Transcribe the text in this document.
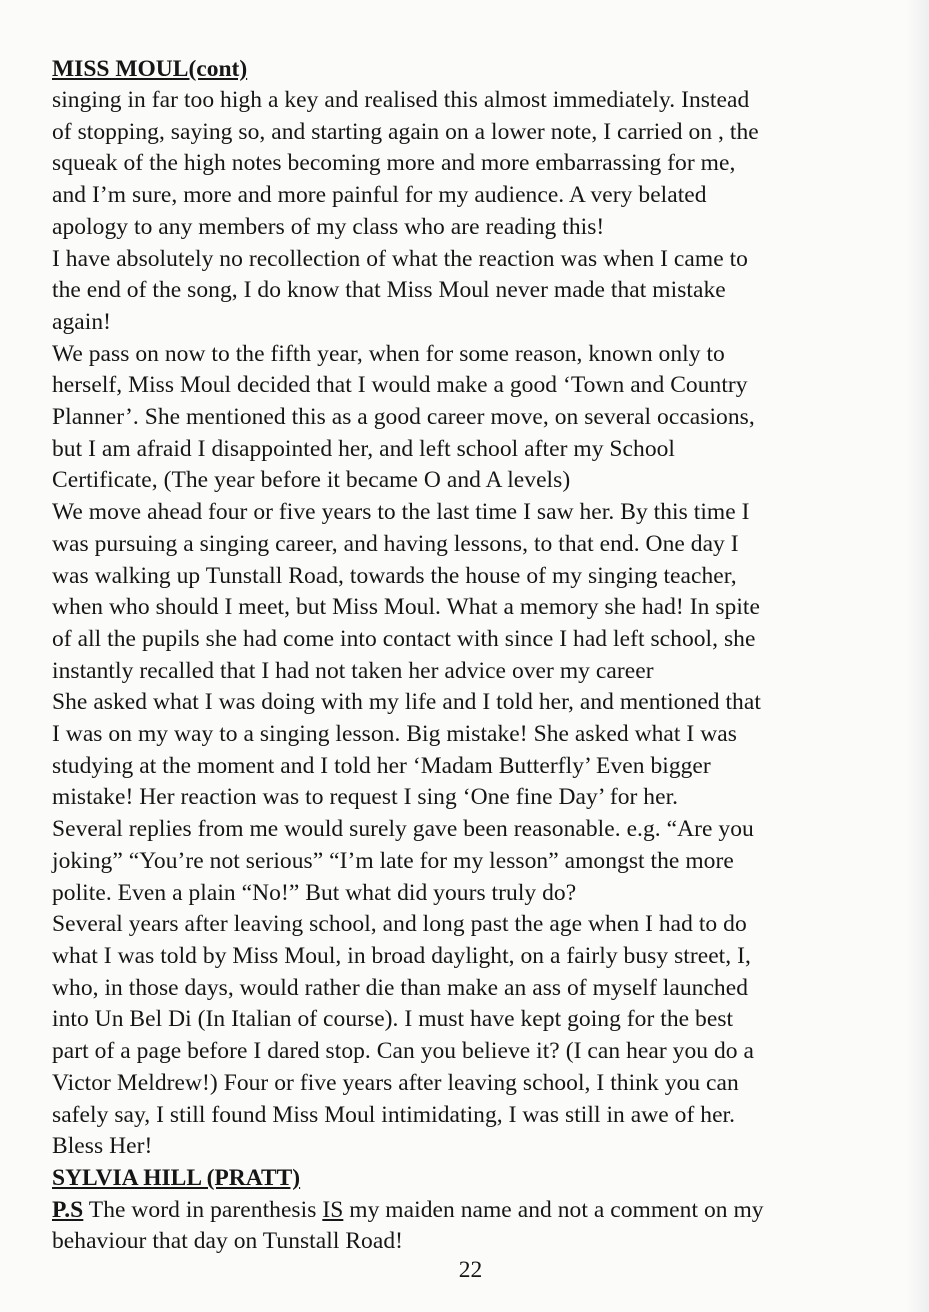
MISS MOUL(cont)

singing in far too high a key and realised this almost immediately. Instead
of stopping, saying so, and starting again on a lower note, I carried on , the
squeak of the high notes becoming more and more embarrassing for me,
and I’m sure, more and more painful for my audience. A very belated
apology to any members of my class who are reading this!

I have absolutely no recollection of what the reaction was when I came to
the end of the song, I do know that Miss Moul never made that mistake
again!

We pass on now to the fifth year, when for some reason, known only to
herself, Miss Moul decided that I would make a good ‘Town and Country
Planner’. She mentioned this as a good career move, on several occasions,
but I am afraid I disappointed her, and left school after my School
Certificate, (The year before it became O and A levels)

We move ahead four or five years to the last time I saw her. By this time I
was pursuing a singing career, and having lessons, to that end. One day I
was walking up Tunstall Road, towards the house of my singing teacher,
when who should I meet, but Miss Moul. What a memory she had! In spite
of all the pupils she had come into contact with since I had left school, she
instantly recalled that I had not taken her advice over my career

She asked what I was doing with my life and I told her, and mentioned that
I was on my way to a singing lesson. Big mistake! She asked what I was
studying at the moment and I told her ‘Madam Butterfly’ Even bigger
mistake! Her reaction was to request I sing ‘One fine Day’ for her.

Several replies from me would surely gave been reasonable. e.g. “Are you
joking” “You’re not serious” “I’m late for my lesson” amongst the more
polite. Even a plain “No!” But what did yours truly do?

Several years after leaving school, and long past the age when I had to do
what I was told by Miss Moul, in broad daylight, on a fairly busy street, I,
who, in those days, would rather die than make an ass of myself launched
into Un Bel Di (In Italian of course). I must have kept going for the best
part of a page before I dared stop. Can you believe it? (I can hear you do a
Victor Meldrew!) Four or five years after leaving school, I think you can
safely say, I still found Miss Moul intimidating, I was still in awe of her.
Bless Her!

SYLVIA HILL (PRATT)

P.S The word in parenthesis IS my maiden name and not a comment on my
behaviour that day on Tunstall Road!

22
